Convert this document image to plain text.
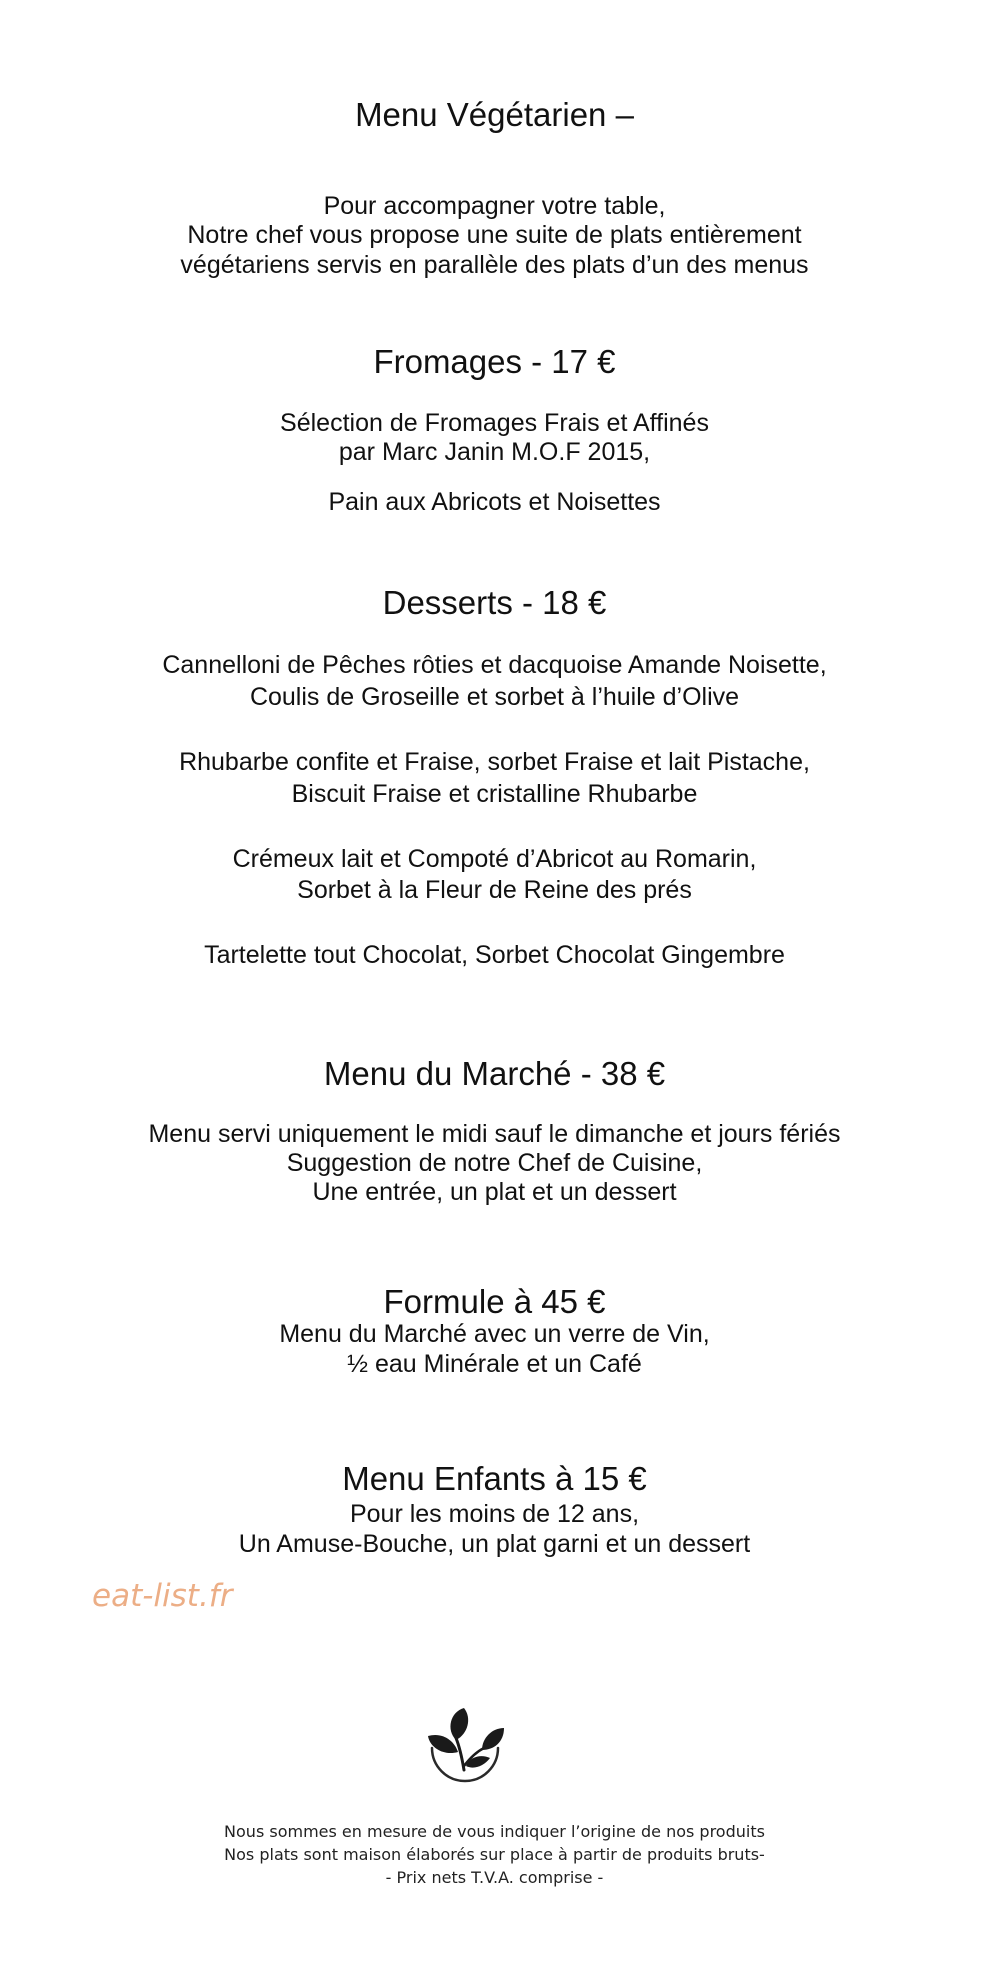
Menu Végétarien –
Pour accompagner votre table,
Notre chef vous propose une suite de plats entièrement
végétariens servis en parallèle des plats d’un des menus
Fromages - 17 €
Sélection de Fromages Frais et Affinés
par Marc Janin M.O.F 2015,
Pain aux Abricots et Noisettes
Desserts - 18 €
Cannelloni de Pêches rôties et dacquoise Amande Noisette,
Coulis de Groseille et sorbet à l’huile d’Olive
Rhubarbe confite et Fraise, sorbet Fraise et lait Pistache,
Biscuit Fraise et cristalline Rhubarbe
Crémeux lait et Compoté d’Abricot au Romarin,
Sorbet à la Fleur de Reine des prés
Tartelette tout Chocolat, Sorbet Chocolat Gingembre
Menu du Marché - 38 €
Menu servi uniquement le midi sauf le dimanche et jours fériés
Suggestion de notre Chef de Cuisine,
Une entrée, un plat et un dessert
Formule à 45 €
Menu du Marché avec un verre de Vin,
½ eau Minérale et un Café
Menu Enfants à 15 €
Pour les moins de 12 ans,
Un Amuse-Bouche, un plat garni et un dessert
eat-list.fr
Nous sommes en mesure de vous indiquer l’origine de nos produits
Nos plats sont maison élaborés sur place à partir de produits bruts-
- Prix nets T.V.A. comprise -
